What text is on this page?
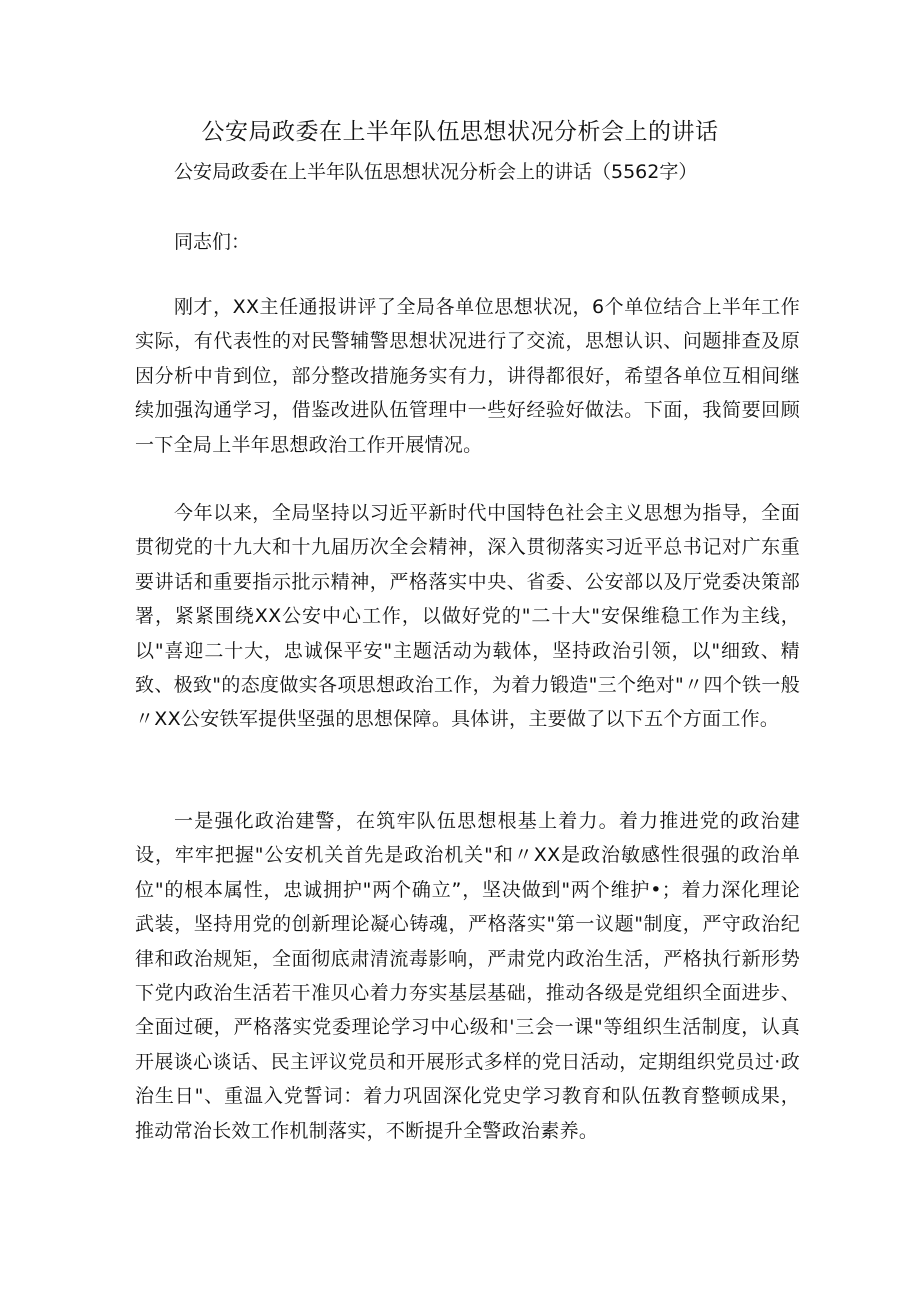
公安局政委在上半年队伍思想状况分析会上的讲话
公安局政委在上半年队伍思想状况分析会上的讲话（5562字）
同志们：

刚才，XX主任通报讲评了全局各单位思想状况，6个单位结合上半年工作实际，有代表性的对民警辅警思想状况进行了交流，思想认识、问题排查及原因分析中肯到位，部分整改措施务实有力，讲得都很好，希望各单位互相间继续加强沟通学习，借鉴改进队伍管理中一些好经验好做法。下面，我简要回顾一下全局上半年思想政治工作开展情况。

今年以来，全局坚持以习近平新时代中国特色社会主义思想为指导，全面贯彻党的十九大和十九届历次全会精神，深入贯彻落实习近平总书记对广东重要讲话和重要指示批示精神，严格落实中央、省委、公安部以及厅党委决策部署，紧紧围绕XX公安中心工作，以做好党的"二十大"安保维稳工作为主线，以"喜迎二十大，忠诚保平安"主题活动为载体，坚持政治引领，以"细致、精致、极致"的态度做实各项思想政治工作，为着力锻造"三个绝对"〃四个铁一般〃XX公安铁军提供坚强的思想保障。具体讲，主要做了以下五个方面工作。

一是强化政治建警，在筑牢队伍思想根基上着力。着力推进党的政治建设，牢牢把握"公安机关首先是政治机关"和〃XX是政治敏感性很强的政治单位"的根本属性，忠诚拥护"两个确立”，坚决做到"两个维护•；着力深化理论武装，坚持用党的创新理论凝心铸魂，严格落实"第一议题"制度，严守政治纪律和政治规矩，全面彻底肃清流毒影响，严肃党内政治生活，严格执行新形势下党内政治生活若干准贝心着力夯实基层基础，推动各级是党组织全面进步、全面过硬，严格落实党委理论学习中心级和'三会一课"等组织生活制度，认真开展谈心谈话、民主评议党员和开展形式多样的党日活动，定期组织党员过·政治生日"、重温入党誓词：着力巩固深化党史学习教育和队伍教育整顿成果，推动常治长效工作机制落实，不断提升全警政治素养。
